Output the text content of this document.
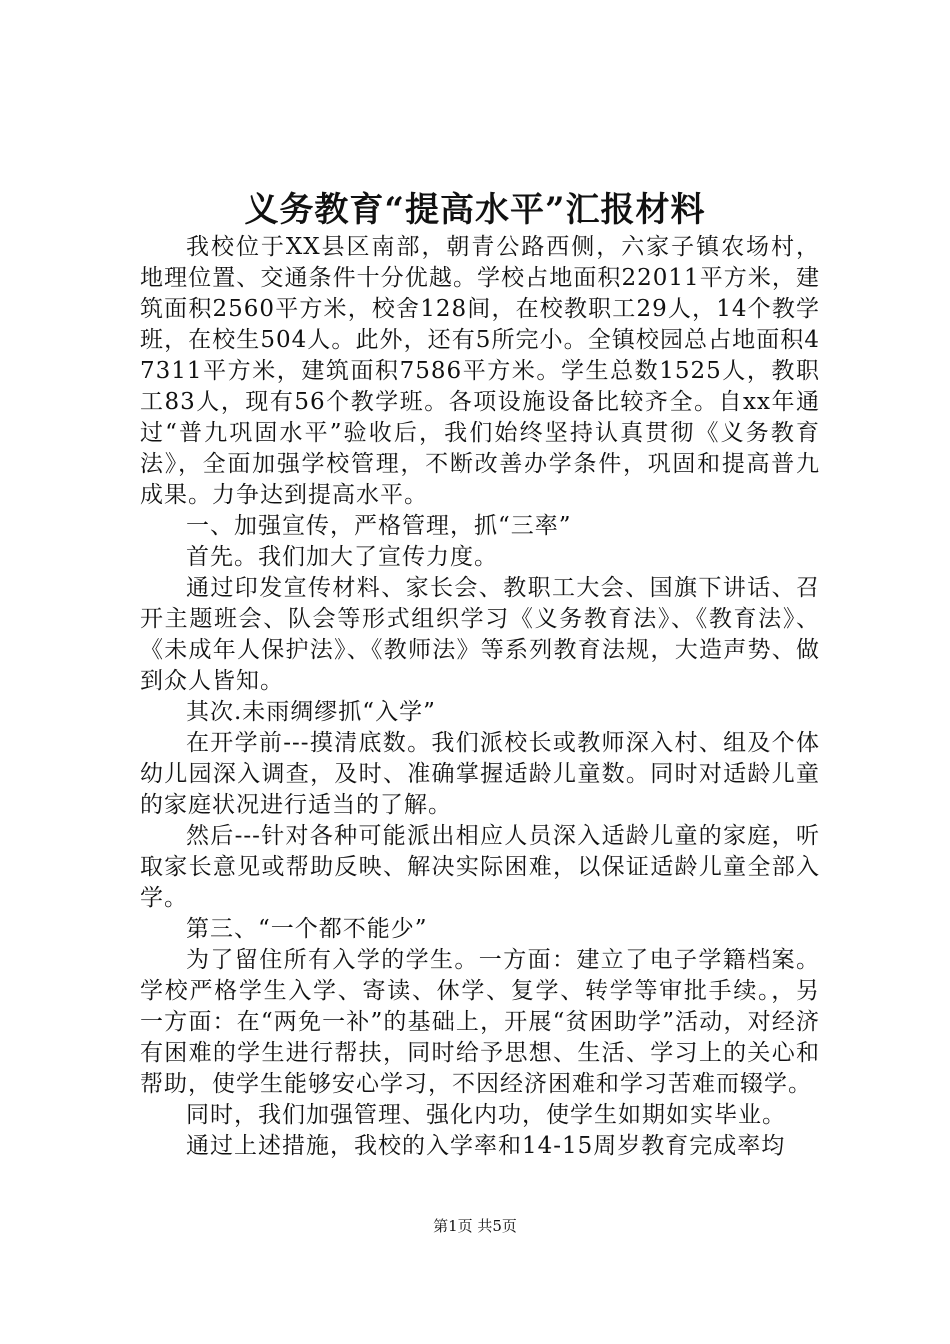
义务教育“提高水平”汇报材料

我校位于XX县区南部，朝青公路西侧，六家子镇农场村，地理位置、交通条件十分优越。学校占地面积22011平方米，建筑面积2560平方米，校舍128间，在校教职工29人，14个教学班，在校生504人。此外，还有5所完小。全镇校园总占地面积47311平方米，建筑面积7586平方米。学生总数1525人，教职工83人，现有56个教学班。各项设施设备比较齐全。自xx年通过“普九巩固水平”验收后，我们始终坚持认真贯彻《义务教育法》，全面加强学校管理，不断改善办学条件，巩固和提高普九成果。力争达到提高水平。

一、加强宣传，严格管理，抓“三率”

首先。我们加大了宣传力度。

通过印发宣传材料、家长会、教职工大会、国旗下讲话、召开主题班会、队会等形式组织学习《义务教育法》、《教育法》、《未成年人保护法》、《教师法》等系列教育法规，大造声势、做到众人皆知。

其次.未雨绸缪抓“入学”

在开学前---摸清底数。我们派校长或教师深入村、组及个体幼儿园深入调查，及时、准确掌握适龄儿童数。同时对适龄儿童的家庭状况进行适当的了解。

然后---针对各种可能派出相应人员深入适龄儿童的家庭，听取家长意见或帮助反映、解决实际困难，以保证适龄儿童全部入学。

第三、“一个都不能少”

为了留住所有入学的学生。一方面：建立了电子学籍档案。学校严格学生入学、寄读、休学、复学、转学等审批手续。，另一方面：在“两免一补”的基础上，开展“贫困助学”活动，对经济有困难的学生进行帮扶，同时给予思想、生活、学习上的关心和帮助，使学生能够安心学习，不因经济困难和学习苦难而辍学。

同时，我们加强管理、强化内功，使学生如期如实毕业。

通过上述措施，我校的入学率和14-15周岁教育完成率均

第1页 共5页
